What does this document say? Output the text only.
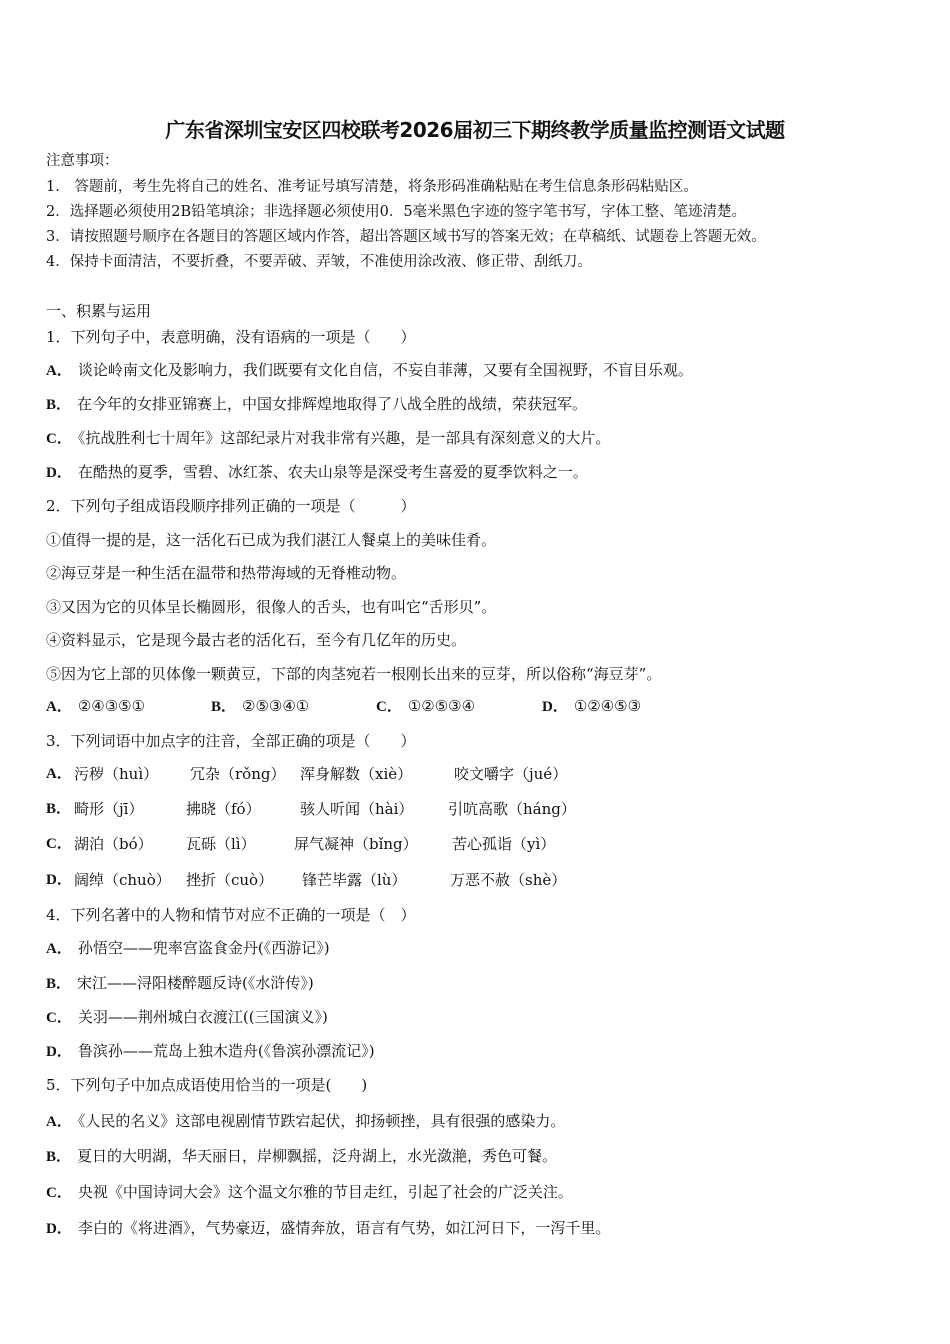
广东省深圳宝安区四校联考2026届初三下期终教学质量监控测语文试题
注意事项：
1.　答题前，考生先将自己的姓名、准考证号填写清楚，将条形码准确粘贴在考生信息条形码粘贴区。
2．选择题必须使用2B铅笔填涂；非选择题必须使用0．5毫米黑色字迹的签字笔书写，字体工整、笔迹清楚。
3．请按照题号顺序在各题目的答题区域内作答，超出答题区域书写的答案无效；在草稿纸、试题卷上答题无效。
4．保持卡面清洁，不要折叠，不要弄破、弄皱，不准使用涂改液、修正带、刮纸刀。
一、积累与运用
1．下列句子中，表意明确，没有语病的一项是（　　）
A． 谈论岭南文化及影响力，我们既要有文化自信，不妄自菲薄，又要有全国视野，不盲目乐观。
B． 在今年的女排亚锦赛上，中国女排辉煌地取得了八战全胜的战绩，荣获冠军。
C． 《抗战胜利七十周年》这部纪录片对我非常有兴趣，是一部具有深刻意义的大片。
D． 在酷热的夏季，雪碧、冰红茶、农夫山泉等是深受考生喜爱的夏季饮料之一。
2．下列句子组成语段顺序排列正确的一项是（　　　）
①值得一提的是，这一活化石已成为我们湛江人餐桌上的美味佳肴。
②海豆芽是一种生活在温带和热带海域的无脊椎动物。
③又因为它的贝体呈长椭圆形，很像人的舌头，也有叫它“舌形贝”。
④资料显示，它是现今最古老的活化石，至今有几亿年的历史。
⑤因为它上部的贝体像一颗黄豆，下部的肉茎宛若一根刚长出来的豆芽，所以俗称“海豆芽”。
A． ②④③⑤①	B． ②⑤③④①	C． ①②⑤③④	D． ①②④⑤③
3．下列词语中加点字的注音，全部正确的项是（　　）
A． 污秽（huì） 冗杂（rǒng） 浑身解数（xiè）	咬文嚼字（jué）
B． 畸形（jī）	拂晓（fó）	骇人听闻（hài） 引吭高歌（háng）
C． 湖泊（bó） 瓦砾（lì）	屏气凝神（bǐng） 苦心孤诣（yì）
D． 阔绰（chuò） 挫折（cuò） 锋芒毕露（lù）	万恶不赦（shè）
4．下列名著中的人物和情节对应不正确的一项是（　）
A． 孙悟空——兜率宫盗食金丹(《西游记》)
B． 宋江——浔阳楼醉题反诗(《水浒传》)
C． 关羽——荆州城白衣渡江((三国演义》)
D． 鲁滨孙——荒岛上独木造舟(《鲁滨孙漂流记》)
5．下列句子中加点成语使用恰当的一项是(　　)
A． 《人民的名义》这部电视剧情节跌宕起伏，抑扬顿挫，具有很强的感染力。
B． 夏日的大明湖，华天丽日，岸柳飘摇，泛舟湖上，水光潋滟，秀色可餐。
C． 央视《中国诗词大会》这个温文尔雅的节目走红，引起了社会的广泛关注。
D． 李白的《将进酒》，气势豪迈，盛情奔放，语言有气势，如江河日下，一泻千里。
